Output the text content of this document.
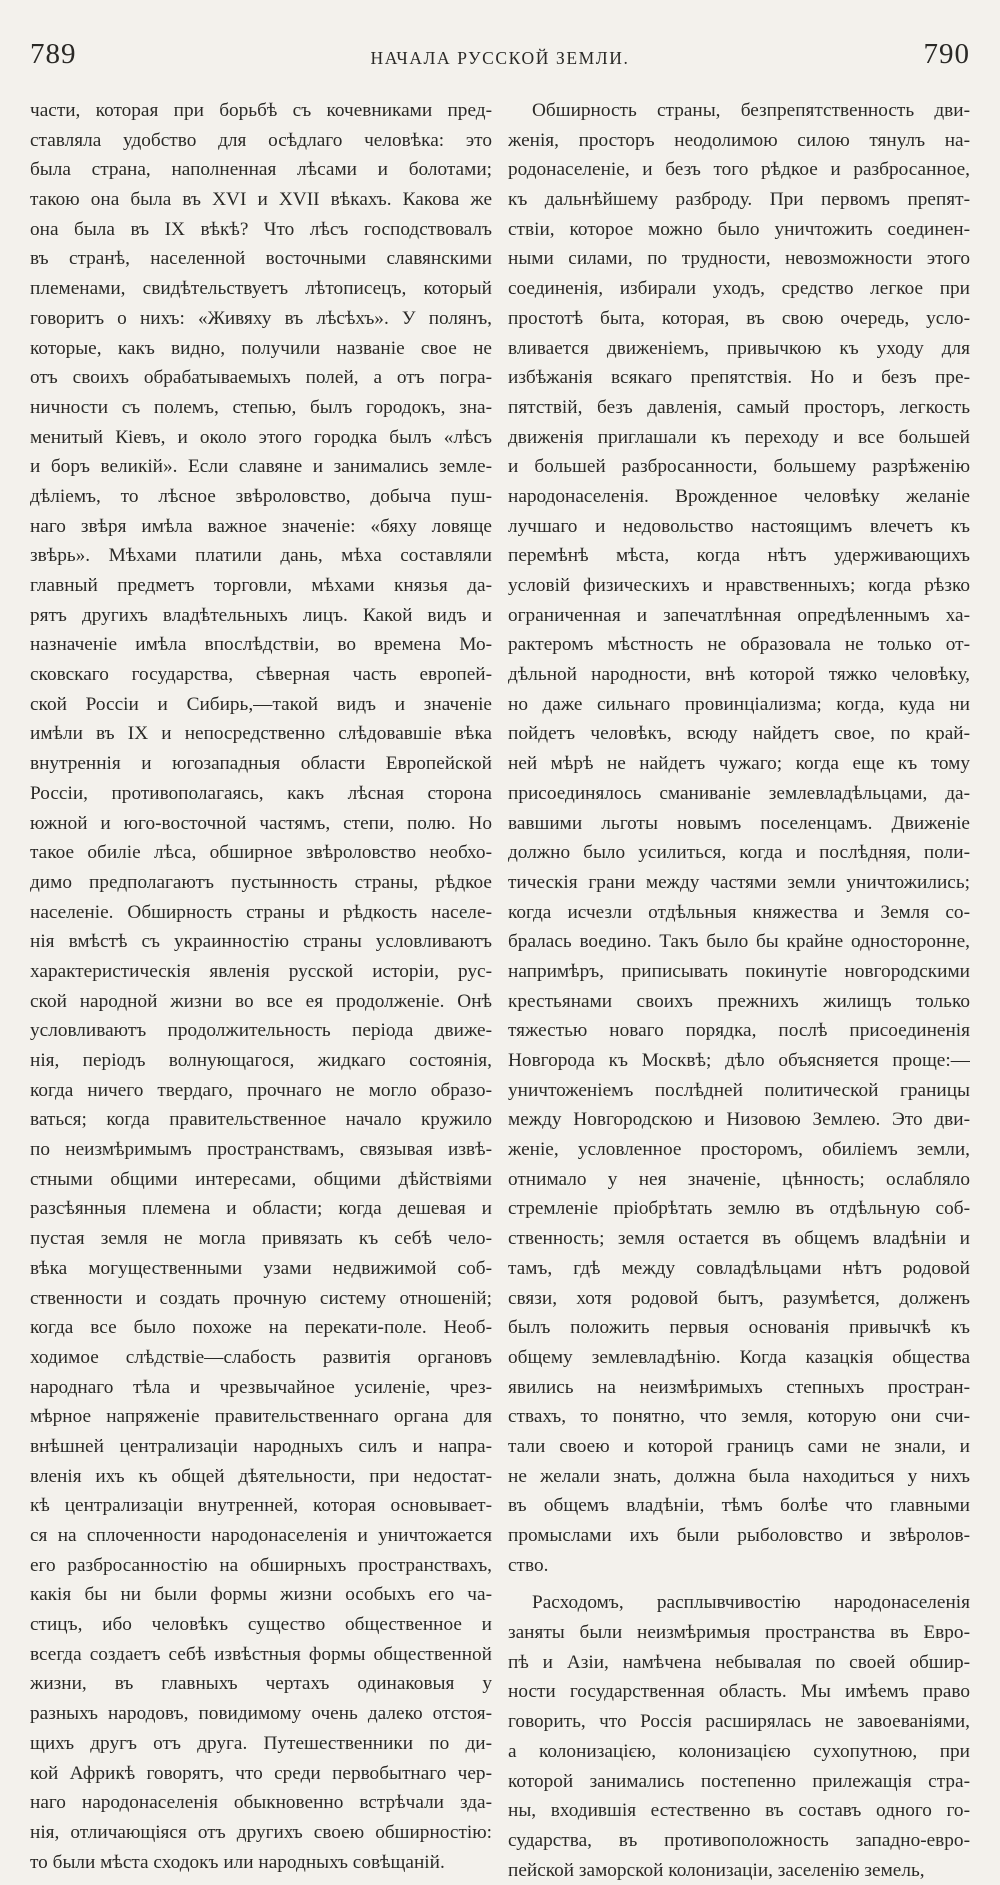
789	НАЧАЛА РУССКОЙ ЗЕМЛИ.	790
части, которая при борьбѣ съ кочевниками пред-
ставляла удобство для осѣдлаго человѣка: это
была страна, наполненная лѣсами и болотами;
такою она была въ XVI и XVII вѣкахъ. Какова же
она была въ IX вѣкѣ? Что лѣсъ господствовалъ
въ странѣ, населенной восточными славянскими
племенами, свидѣтельствуетъ лѣтописецъ, который
говоритъ о нихъ: «Живяху въ лѣсѣхъ». У полянъ,
которые, какъ видно, получили названіе свое не
отъ своихъ обрабатываемыхъ полей, а отъ погра-
ничности съ полемъ, степью, былъ городокъ, зна-
менитый Кіевъ, и около этого городка былъ «лѣсъ
и боръ великій». Если славяне и занимались земле-
дѣліемъ, то лѣсное звѣроловство, добыча пуш-
наго звѣря имѣла важное значеніе: «бяху ловяще
звѣрь». Мѣхами платили дань, мѣха составляли
главный предметъ торговли, мѣхами князья да-
рятъ другихъ владѣтельныхъ лицъ. Какой видъ и
назначеніе имѣла впослѣдствіи, во времена Мо-
сковскаго государства, сѣверная часть европей-
ской Россіи и Сибирь,—такой видъ и значеніе
имѣли въ IX и непосредственно слѣдовавшіе вѣка
внутреннія и югозападныя области Европейской
Россіи, противополагаясь, какъ лѣсная сторона
южной и юго-восточной частямъ, степи, полю. Но
такое обиліе лѣса, обширное звѣроловство необхо-
димо предполагаютъ пустынность страны, рѣдкое
населеніе. Обширность страны и рѣдкость населе-
нія вмѣстѣ съ украинностію страны условливаютъ
характеристическія явленія русской исторіи, рус-
ской народной жизни во все ея продолженіе. Онѣ
условливаютъ продолжительность періода движе-
нія, періодъ волнующагося, жидкаго состоянія,
когда ничего твердаго, прочнаго не могло образо-
ваться; когда правительственное начало кружило
по неизмѣримымъ пространствамъ, связывая извѣ-
стными общими интересами, общими дѣйствіями
разсѣянныя племена и области; когда дешевая и
пустая земля не могла привязать къ себѣ чело-
вѣка могущественными узами недвижимой соб-
ственности и создать прочную систему отношеній;
когда все было похоже на перекати-поле. Необ-
ходимое слѣдствіе—слабость развитія органовъ
народнаго тѣла и чрезвычайное усиленіе, чрез-
мѣрное напряженіе правительственнаго органа для
внѣшней централизаціи народныхъ силъ и напра-
вленія ихъ къ общей дѣятельности, при недостат-
кѣ централизаціи внутренней, которая основывает-
ся на сплоченности народонаселенія и уничтожается
его разбросанностію на обширныхъ пространствахъ,
какія бы ни были формы жизни особыхъ его ча-
стицъ, ибо человѣкъ существо общественное и
всегда создаетъ себѣ извѣстныя формы общественной
жизни, въ главныхъ чертахъ одинаковыя у
разныхъ народовъ, повидимому очень далеко отстоя-
щихъ другъ отъ друга. Путешественники по ди-
кой Африкѣ говорятъ, что среди первобытнаго чер-
наго народонаселенія обыкновенно встрѣчали зда-
нія, отличающіяся отъ другихъ своею обширностію:
то были мѣста сходокъ или народныхъ совѣщаній.
Обширность страны, безпрепятственность дви-
женія, просторъ неодолимою силою тянулъ на-
родонаселеніе, и безъ того рѣдкое и разбросанное,
къ дальнѣйшему разброду. При первомъ препят-
ствіи, которое можно было уничтожить соединен-
ными силами, по трудности, невозможности этого
соединенія, избирали уходъ, средство легкое при
простотѣ быта, которая, въ свою очередь, усло-
вливается движеніемъ, привычкою къ уходу для
избѣжанія всякаго препятствія. Но и безъ пре-
пятствій, безъ давленія, самый просторъ, легкость
движенія приглашали къ переходу и все большей
и большей разбросанности, большему разрѣженію
народонаселенія. Врожденное человѣку желаніе
лучшаго и недовольство настоящимъ влечетъ къ
перемѣнѣ мѣста, когда нѣтъ удерживающихъ
условій физическихъ и нравственныхъ; когда рѣзко
ограниченная и запечатлѣнная опредѣленнымъ ха-
рактеромъ мѣстность не образовала не только от-
дѣльной народности, внѣ которой тяжко человѣку,
но даже сильнаго провинціализма; когда, куда ни
пойдетъ человѣкъ, всюду найдетъ свое, по край-
ней мѣрѣ не найдетъ чужаго; когда еще къ тому
присоединялось сманиваніе землевладѣльцами, да-
вавшими льготы новымъ поселенцамъ. Движеніе
должно было усилиться, когда и послѣдняя, поли-
тическія грани между частями земли уничтожились;
когда исчезли отдѣльныя княжества и Земля со-
бралась воедино. Такъ было бы крайне односторонне,
напримѣръ, приписывать покинутіе новгородскими
крестьянами своихъ прежнихъ жилищъ только
тяжестью новаго порядка, послѣ присоединенія
Новгорода къ Москвѣ; дѣло объясняется проще:—
уничтоженіемъ послѣдней политической границы
между Новгородскою и Низовою Землею. Это дви-
женіе, условленное просторомъ, обиліемъ земли,
отнимало у нея значеніе, цѣнность; ослабляло
стремленіе пріобрѣтать землю въ отдѣльную соб-
ственность; земля остается въ общемъ владѣніи и
тамъ, гдѣ между совладѣльцами нѣтъ родовой
связи, хотя родовой бытъ, разумѣется, долженъ
былъ положить первыя основанія привычкѣ къ
общему землевладѣнію. Когда казацкія общества
явились на неизмѣримыхъ степныхъ простран-
ствахъ, то понятно, что земля, которую они счи-
тали своею и которой границъ сами не знали, и
не желали знать, должна была находиться у нихъ
въ общемъ владѣніи, тѣмъ болѣе что главными
промыслами ихъ были рыболовство и звѣролов-
ство.
Расходомъ, расплывчивостію народонаселенія
заняты были неизмѣримыя пространства въ Евро-
пѣ и Азіи, намѣчена небывалая по своей обшир-
ности государственная область. Мы имѣемъ право
говорить, что Россія расширялась не завоеваніями,
а колонизацією, колонизацією сухопутною, при
которой занимались постепенно прилежащія стра-
ны, входившія естественно въ составъ одного го-
сударства, въ противоположность западно-евро-
пейской заморской колонизаціи, заселенію земель,
